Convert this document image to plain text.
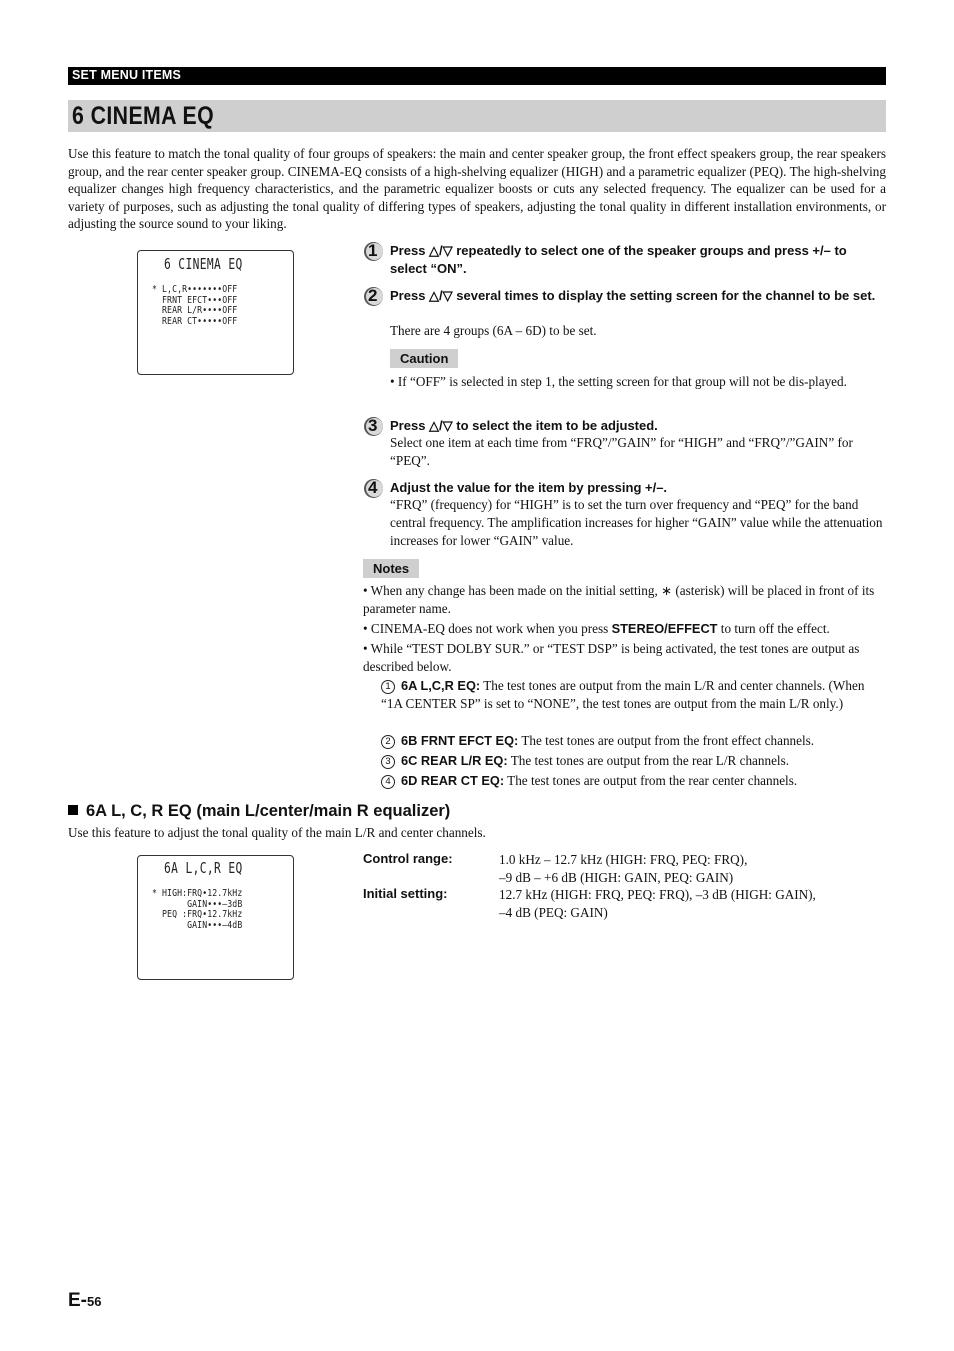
SET MENU ITEMS
6 CINEMA EQ
Use this feature to match the tonal quality of four groups of speakers: the main and center speaker group, the front effect speakers group, the rear speakers group, and the rear center speaker group. CINEMA-EQ consists of a high-shelving equalizer (HIGH) and a parametric equalizer (PEQ). The high-shelving equalizer changes high frequency characteristics, and the parametric equalizer boosts or cuts any selected frequency. The equalizer can be used for a variety of purposes, such as adjusting the tonal quality of differing types of speakers, adjusting the tonal quality in different installation environments, or adjusting the source sound to your liking.
6 CINEMA EQ
* L,C,R•••••••OFF
FRNT EFCT•••OFF
REAR L/R••••OFF
REAR CT•••••OFF
1 Press △/▽ repeatedly to select one of the speaker groups and press +/– to select “ON”.
2 Press △/▽ several times to display the setting screen for the channel to be set.
There are 4 groups (6A – 6D) to be set.
Caution
• If “OFF” is selected in step 1, the setting screen for that group will not be dis-played.
3 Press △/▽ to select the item to be adjusted.
Select one item at each time from “FRQ”/”GAIN” for “HIGH” and “FRQ”/”GAIN” for “PEQ”.
4 Adjust the value for the item by pressing +/–.
“FRQ” (frequency) for “HIGH” is to set the turn over frequency and “PEQ” for the band central frequency. The amplification increases for higher “GAIN” value while the attenuation increases for lower “GAIN” value.
Notes
• When any change has been made on the initial setting, ∗ (asterisk) will be placed in front of its parameter name.
• CINEMA-EQ does not work when you press STEREO/EFFECT to turn off the effect.
• While “TEST DOLBY SUR.” or “TEST DSP” is being activated, the test tones are output as described below.
1 6A L,C,R EQ: The test tones are output from the main L/R and center channels. (When “1A CENTER SP” is set to “NONE”, the test tones are output from the main L/R only.)
2 6B FRNT EFCT EQ: The test tones are output from the front effect channels.
3 6C REAR L/R EQ: The test tones are output from the rear L/R channels.
4 6D REAR CT EQ: The test tones are output from the rear center channels.
6A L, C, R EQ (main L/center/main R equalizer)
Use this feature to adjust the tonal quality of the main L/R and center channels.
6A L,C,R EQ
* HIGH:FRQ•12.7kHz
GAIN•••–3dB
PEQ :FRQ•12.7kHz
GAIN•••–4dB
Control range:	1.0 kHz – 12.7 kHz (HIGH: FRQ, PEQ: FRQ),
–9 dB – +6 dB (HIGH: GAIN, PEQ: GAIN)
Initial setting:	12.7 kHz (HIGH: FRQ, PEQ: FRQ), –3 dB (HIGH: GAIN),
–4 dB (PEQ: GAIN)
E-56
